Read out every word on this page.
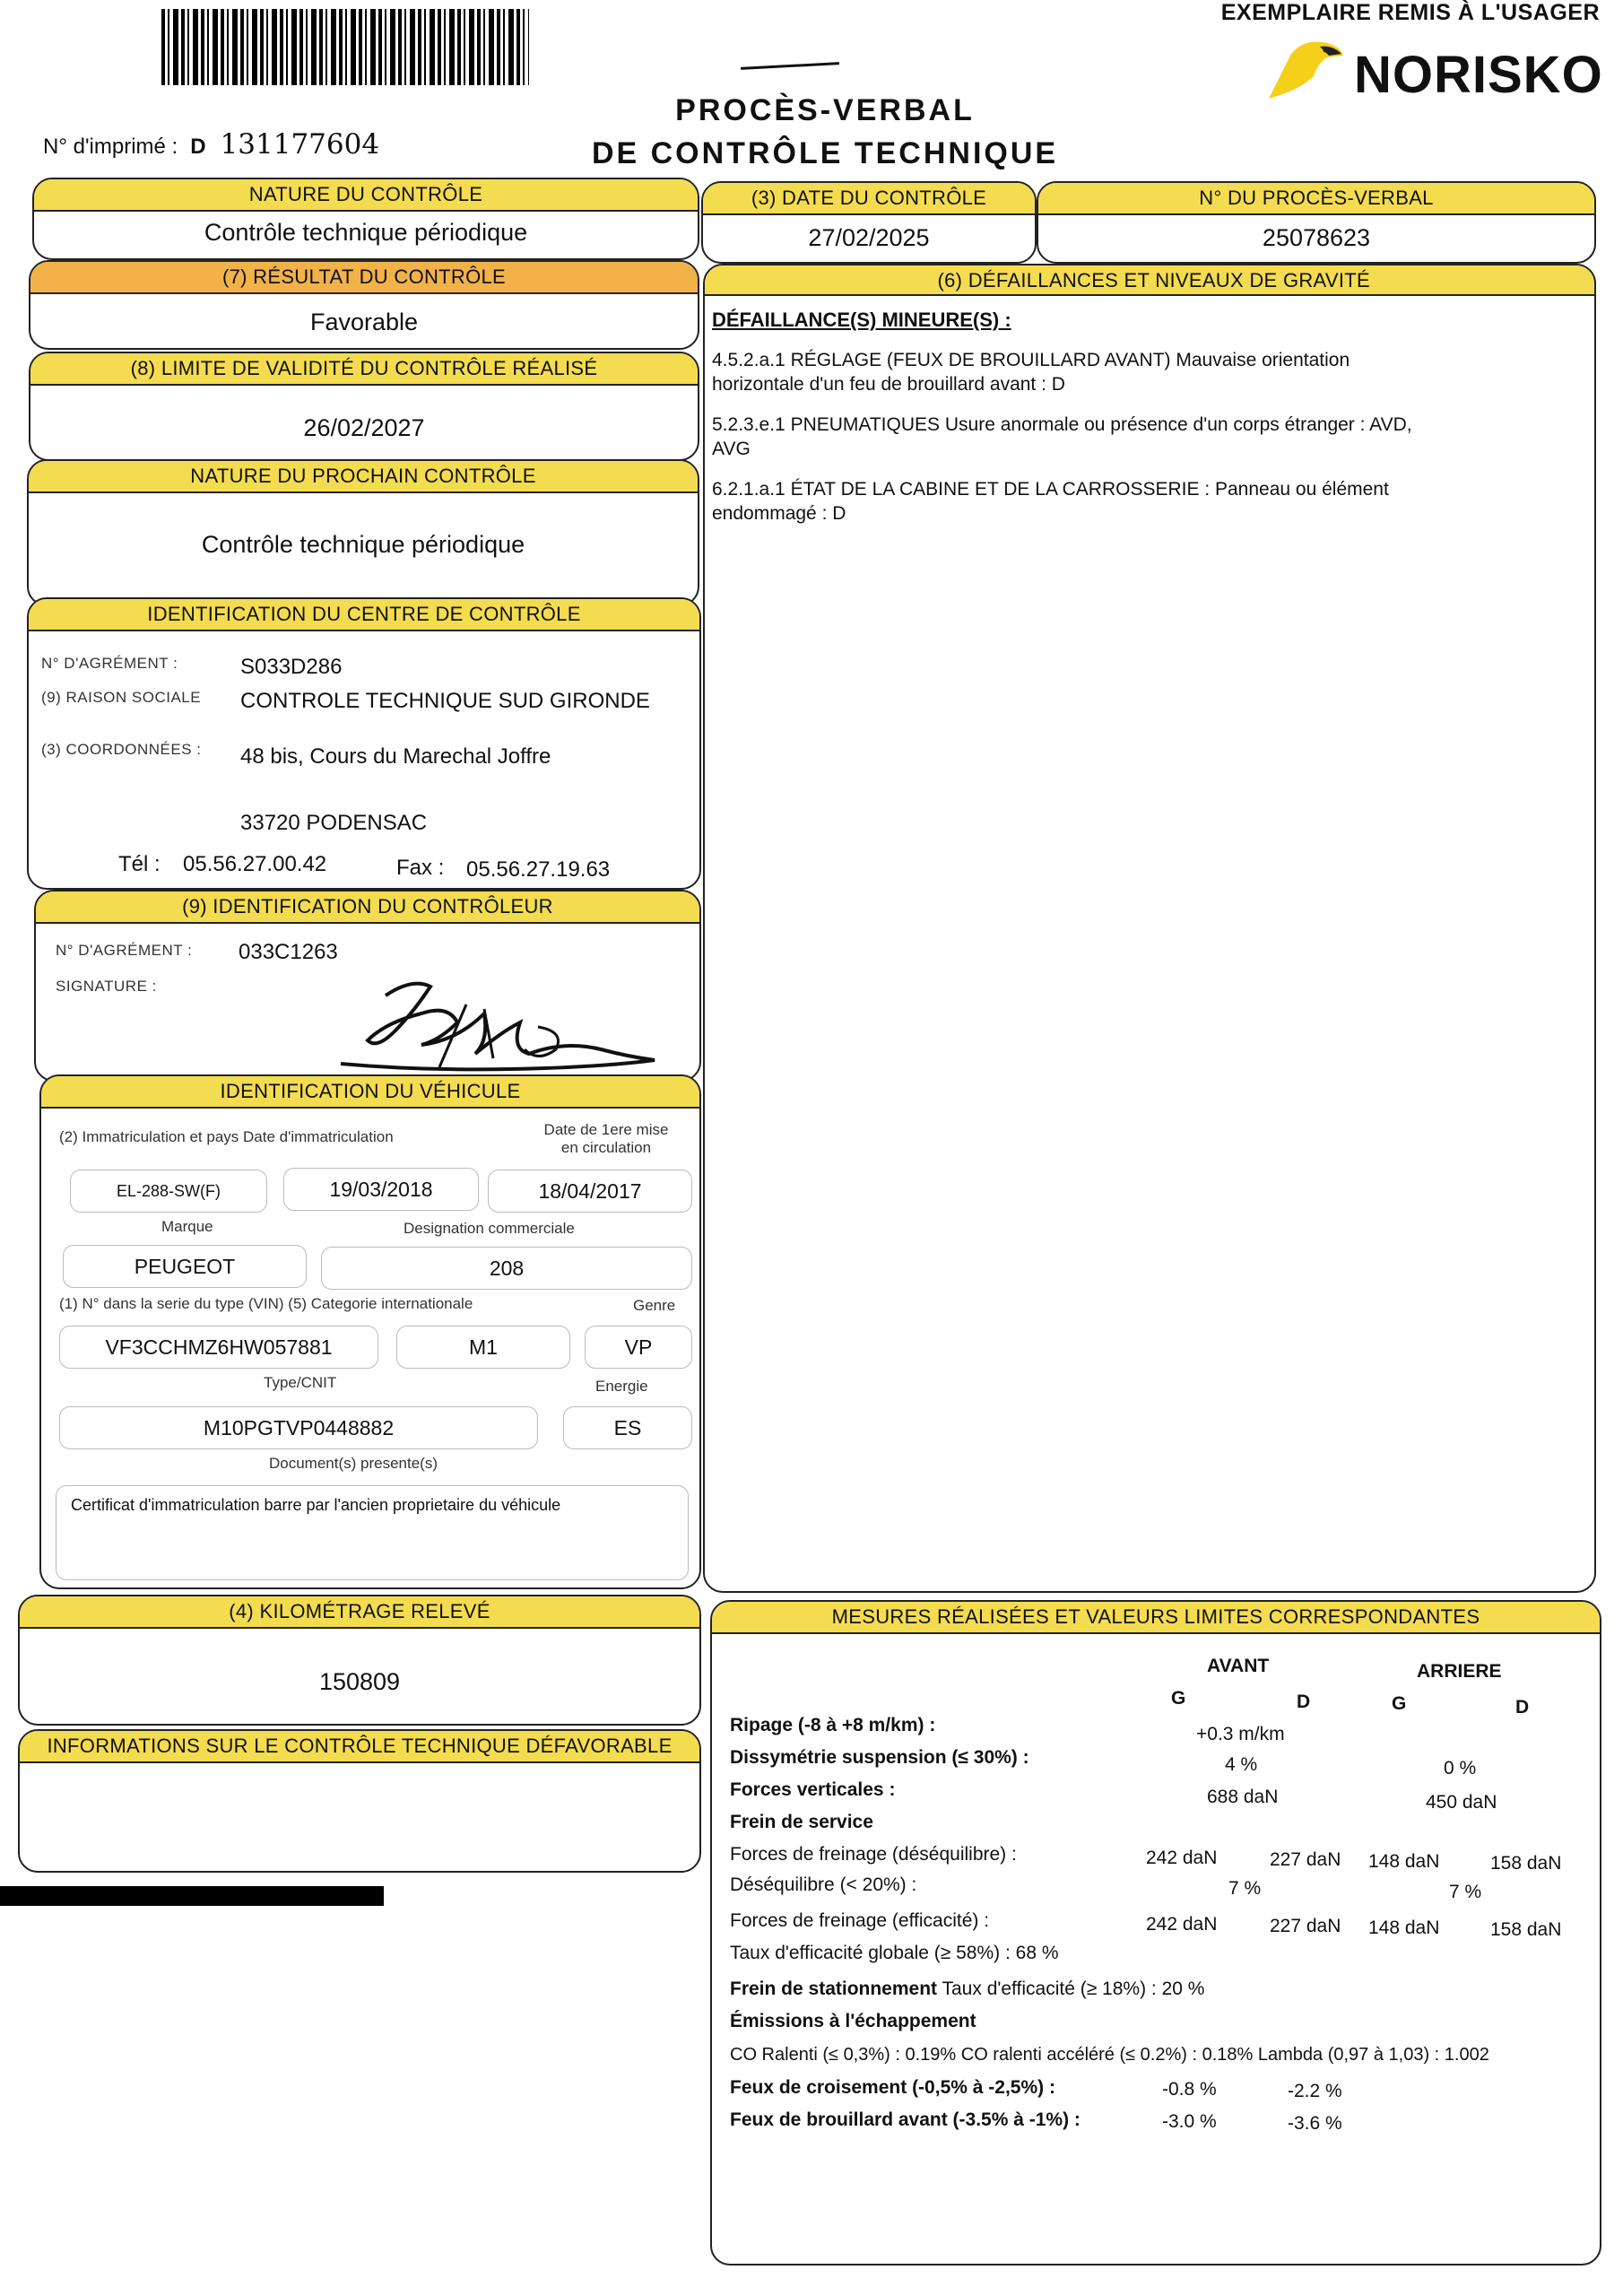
EXEMPLAIRE REMIS À L'USAGER
NORISKO
PROCÈS-VERBAL
DE CONTRÔLE TECHNIQUE
N° d'imprimé : D 131177604
NATURE DU CONTRÔLE
Contrôle technique périodique
(3) DATE DU CONTRÔLE
27/02/2025
N° DU PROCÈS-VERBAL
25078623
(7) RÉSULTAT DU CONTRÔLE
Favorable
(8) LIMITE DE VALIDITÉ DU CONTRÔLE RÉALISÉ
26/02/2027
NATURE DU PROCHAIN CONTRÔLE
Contrôle technique périodique
IDENTIFICATION DU CENTRE DE CONTRÔLE
N° D'AGRÉMENT :	S033D286
(9) RAISON SOCIALE CONTROLE TECHNIQUE SUD GIRONDE
(3) COORDONNÉES : 48 bis, Cours du Marechal Joffre
33720 PODENSAC
Tél : 05.56.27.00.42	Fax : 05.56.27.19.63
(9) IDENTIFICATION DU CONTRÔLEUR
N° D'AGRÉMENT : 033C1263
SIGNATURE :
IDENTIFICATION DU VÉHICULE
(2) Immatriculation et pays Date d'immatriculation	Date de 1ere mise
en circulation
EL-288-SW(F)	19/03/2018	18/04/2017
Marque	Designation commerciale
PEUGEOT	208
(1) N° dans la serie du type (VIN) (5) Categorie internationale	Genre
VF3CCHMZ6HW057881	M1	VP
Type/CNIT	Energie
M10PGTVP0448882	ES
Document(s) presente(s)
Certificat d'immatriculation barre par l'ancien proprietaire du véhicule
(4) KILOMÉTRAGE RELEVÉ
150809
INFORMATIONS SUR LE CONTRÔLE TECHNIQUE DÉFAVORABLE
(6) DÉFAILLANCES ET NIVEAUX DE GRAVITÉ
DÉFAILLANCE(S) MINEURE(S) :
4.5.2.a.1 RÉGLAGE (FEUX DE BROUILLARD AVANT) Mauvaise orientation
horizontale d'un feu de brouillard avant : D
5.2.3.e.1 PNEUMATIQUES Usure anormale ou présence d'un corps étranger : AVD,
AVG
6.2.1.a.1 ÉTAT DE LA CABINE ET DE LA CARROSSERIE : Panneau ou élément
endommagé : D
MESURES RÉALISÉES ET VALEURS LIMITES CORRESPONDANTES
AVANT	ARRIERE
G	D	G	D
Ripage (-8 à +8 m/km) :	+0.3 m/km
Dissymétrie suspension (≤ 30%) :	4 %	0 %
Forces verticales :	688 daN	450 daN
Frein de service
Forces de freinage (déséquilibre) :	242 daN	227 daN 148 daN	158 daN
Déséquilibre (< 20%) :	7 %	7 %
Forces de freinage (efficacité) :	242 daN	227 daN 148 daN	158 daN
Taux d'efficacité globale (≥ 58%) : 68 %
Frein de stationnement Taux d'efficacité (≥ 18%) : 20 %
Émissions à l'échappement
CO Ralenti (≤ 0,3%) : 0.19% CO ralenti accéléré (≤ 0.2%) : 0.18% Lambda (0,97 à 1,03) : 1.002
Feux de croisement (-0,5% à -2,5%) :	-0.8 %	-2.2 %
Feux de brouillard avant (-3.5% à -1%) :	-3.0 %	-3.6 %
